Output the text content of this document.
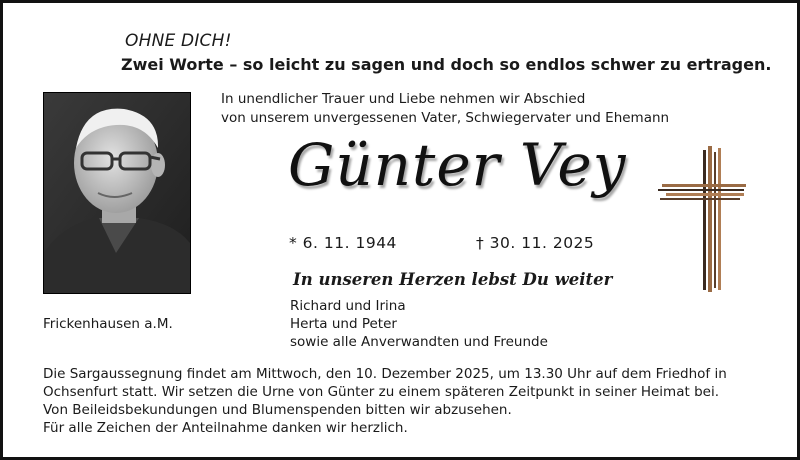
OHNE DICH!
Zwei Worte – so leicht zu sagen und doch so endlos schwer zu ertragen.
In unendlicher Trauer und Liebe nehmen wir Abschied
von unserem unvergessenen Vater, Schwiegervater und Ehemann
Günter Vey
* 6. 11. 1944	† 30. 11. 2025
In unseren Herzen lebst Du weiter
Richard und Irina
Herta und Peter
sowie alle Anverwandten und Freunde
Frickenhausen a.M.
Die Sargaussegnung findet am Mittwoch, den 10. Dezember 2025, um 13.30 Uhr auf dem Friedhof in
Ochsenfurt statt. Wir setzen die Urne von Günter zu einem späteren Zeitpunkt in seiner Heimat bei.
Von Beileidsbekundungen und Blumenspenden bitten wir abzusehen.
Für alle Zeichen der Anteilnahme danken wir herzlich.
